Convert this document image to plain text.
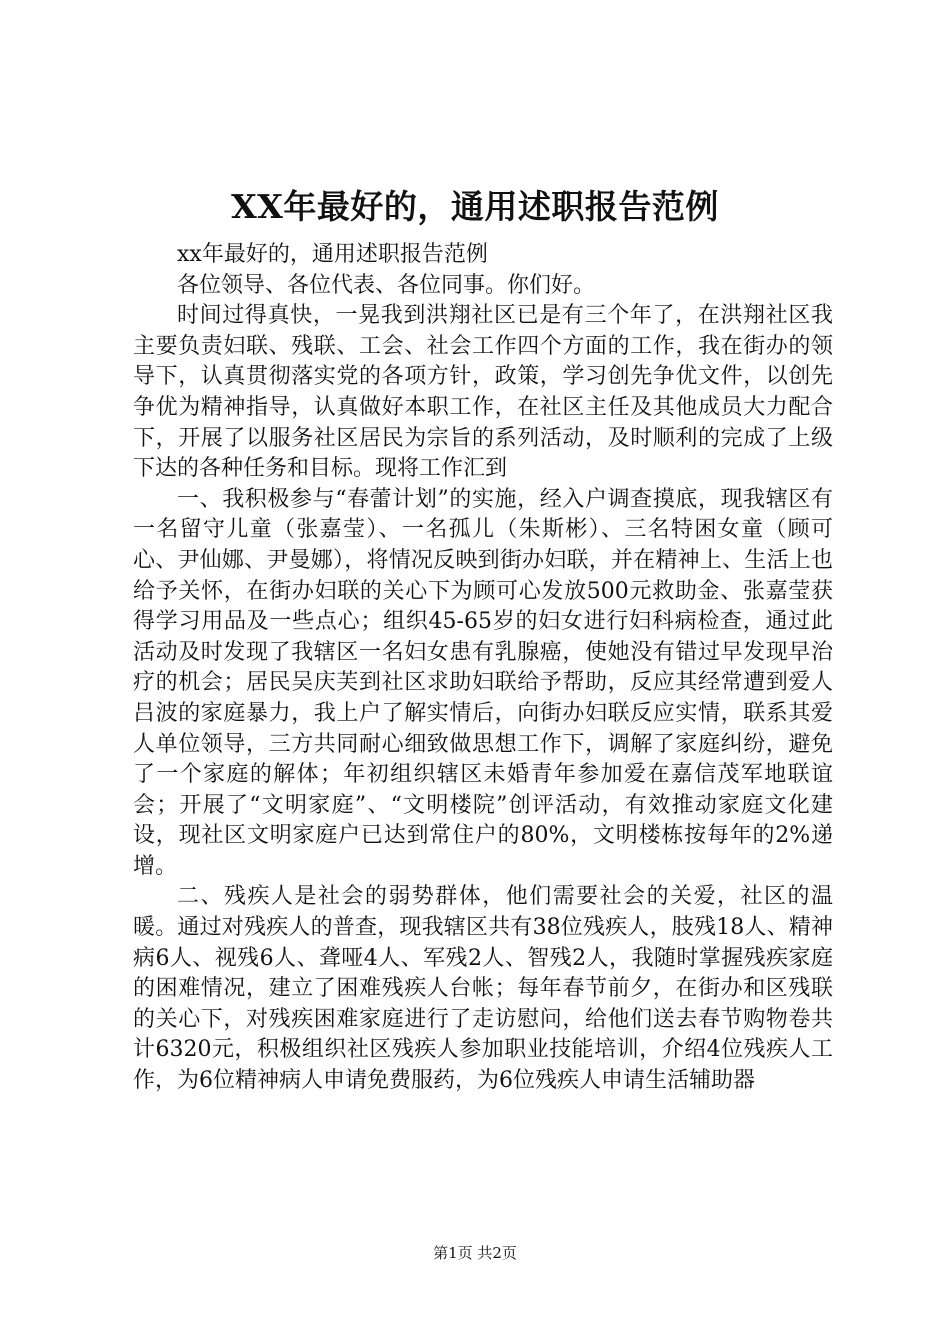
XX年最好的，通用述职报告范例

xx年最好的，通用述职报告范例

各位领导、各位代表、各位同事。你们好。

时间过得真快，一晃我到洪翔社区已是有三个年了，在洪翔社区我主要负责妇联、残联、工会、社会工作四个方面的工作，我在街办的领导下，认真贯彻落实党的各项方针，政策，学习创先争优文件，以创先争优为精神指导，认真做好本职工作，在社区主任及其他成员大力配合下，开展了以服务社区居民为宗旨的系列活动，及时顺利的完成了上级下达的各种任务和目标。现将工作汇到

一、我积极参与“春蕾计划”的实施，经入户调查摸底，现我辖区有一名留守儿童（张嘉莹）、一名孤儿（朱斯彬）、三名特困女童（顾可心、尹仙娜、尹曼娜），将情况反映到街办妇联，并在精神上、生活上也给予关怀，在街办妇联的关心下为顾可心发放500元救助金、张嘉莹获得学习用品及一些点心；组织45-65岁的妇女进行妇科病检查，通过此活动及时发现了我辖区一名妇女患有乳腺癌，使她没有错过早发现早治疗的机会；居民吴庆芙到社区求助妇联给予帮助，反应其经常遭到爱人吕波的家庭暴力，我上户了解实情后，向街办妇联反应实情，联系其爱人单位领导，三方共同耐心细致做思想工作下，调解了家庭纠纷，避免了一个家庭的解体；年初组织辖区未婚青年参加爱在嘉信茂军地联谊会；开展了“文明家庭”、“文明楼院”创评活动，有效推动家庭文化建设，现社区文明家庭户已达到常住户的80%，文明楼栋按每年的2%递增。

二、残疾人是社会的弱势群体，他们需要社会的关爱，社区的温暖。通过对残疾人的普查，现我辖区共有38位残疾人，肢残18人、精神病6人、视残6人、聋哑4人、军残2人、智残2人，我随时掌握残疾家庭的困难情况，建立了困难残疾人台帐；每年春节前夕，在街办和区残联的关心下，对残疾困难家庭进行了走访慰问，给他们送去春节购物卷共计6320元，积极组织社区残疾人参加职业技能培训，介绍4位残疾人工作，为6位精神病人申请免费服药，为6位残疾人申请生活辅助器

第1页 共2页
